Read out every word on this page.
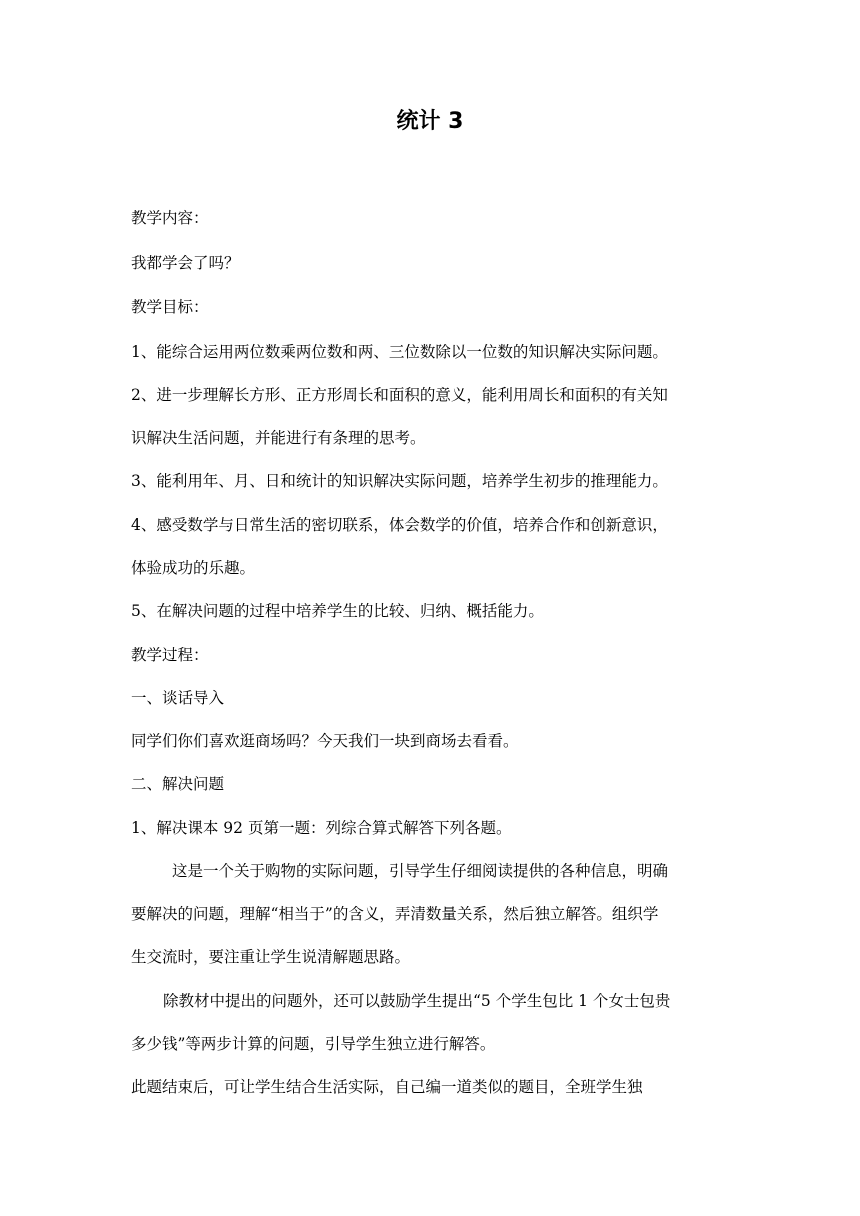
统计 3
教学内容：
我都学会了吗？
教学目标：
1、能综合运用两位数乘两位数和两、三位数除以一位数的知识解决实际问题。
2、进一步理解长方形、正方形周长和面积的意义，能利用周长和面积的有关知
识解决生活问题，并能进行有条理的思考。
3、能利用年、月、日和统计的知识解决实际问题，培养学生初步的推理能力。
4、感受数学与日常生活的密切联系，体会数学的价值，培养合作和创新意识，
体验成功的乐趣。
5、在解决问题的过程中培养学生的比较、归纳、概括能力。
教学过程：
一、谈话导入
同学们你们喜欢逛商场吗？今天我们一块到商场去看看。
二、解决问题
1、解决课本 92 页第一题：列综合算式解答下列各题。
这是一个关于购物的实际问题，引导学生仔细阅读提供的各种信息，明确
要解决的问题，理解“相当于”的含义，弄清数量关系，然后独立解答。组织学
生交流时，要注重让学生说清解题思路。
除教材中提出的问题外，还可以鼓励学生提出“5 个学生包比 1 个女士包贵
多少钱”等两步计算的问题，引导学生独立进行解答。
此题结束后，可让学生结合生活实际，自己编一道类似的题目，全班学生独
